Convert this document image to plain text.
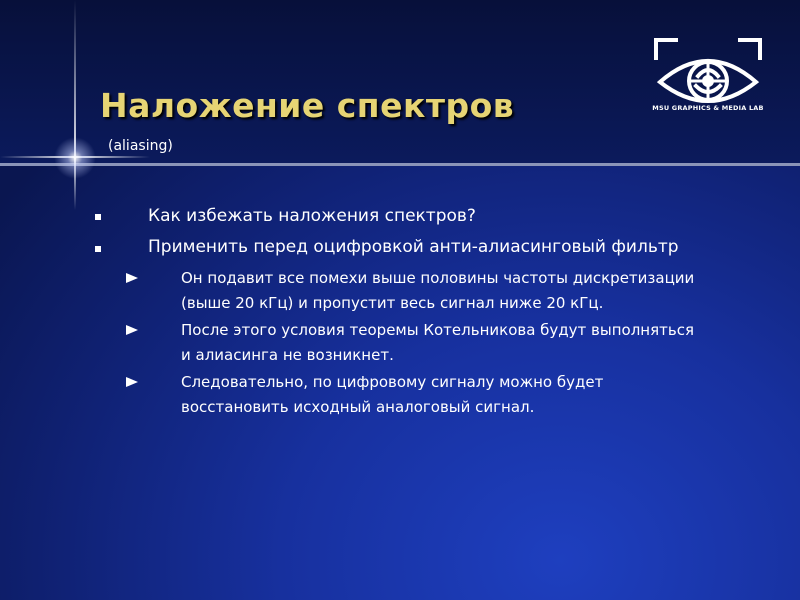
Наложение спектров
(aliasing)
MSU GRAPHICS & MEDIA LAB
Как избежать наложения спектров?
Применить перед оцифровкой анти-алиасинговый фильтр
Он подавит все помехи выше половины частоты дискретизации
(выше 20 кГц) и пропустит весь сигнал ниже 20 кГц.
После этого условия теоремы Котельникова будут выполняться
и алиасинга не возникнет.
Следовательно, по цифровому сигналу можно будет
восстановить исходный аналоговый сигнал.
